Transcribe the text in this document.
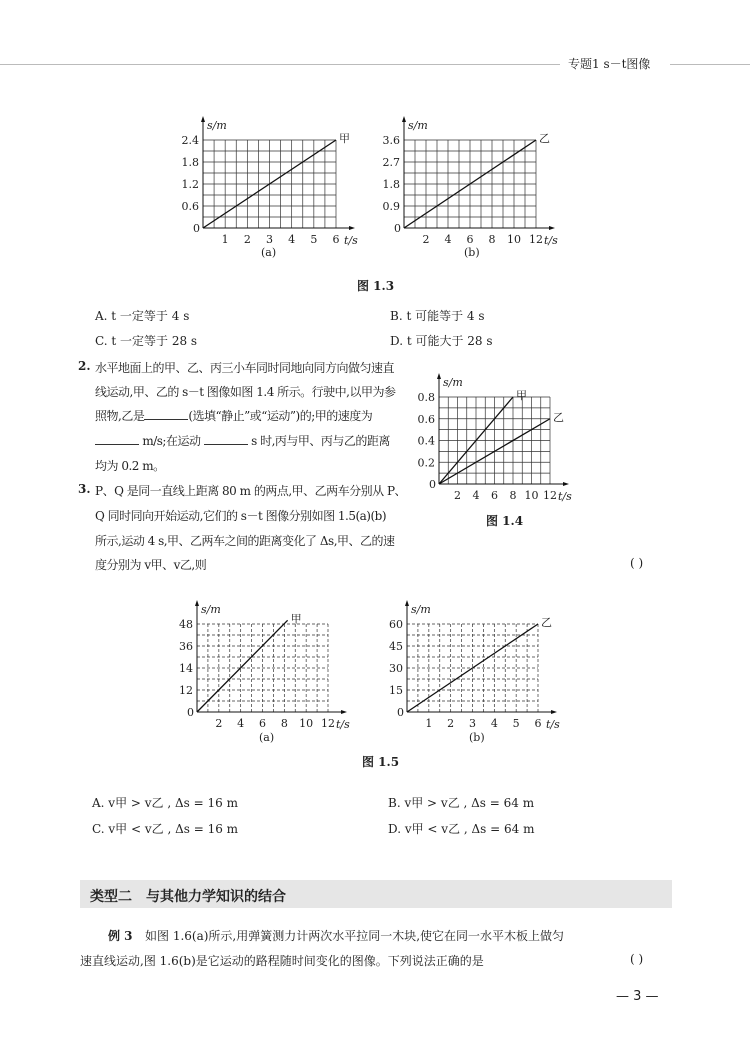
专题1 s－t图像
s/m
t/s
0
1 2 3 4 5 6
0.6
1.2
1.8
2.4	甲
s/m
t/s
0
2 4 6 8 10 12
0.9
1.8
2.7
3.6	乙
(a)	(b)
图 1.3
A. t 一定等于 4 s	B. t 可能等于 4 s
C. t 一定等于 28 s	D. t 可能大于 28 s
2. 水平地面上的甲、乙、丙三小车同时同地向同方向做匀速直
线运动,甲、乙的 s－t 图像如图 1.4 所示。行驶中,以甲为参
照物,乙是	(选填“静止”或“运动”)的;甲的速度为
m/s;在运动	s 时,丙与甲、丙与乙的距离
均为 0.2 m。
s/m
t/s
0
2 4 6 8 10 12
0.2
0.4
0.6
0.8	甲
乙
图 1.4
3. P、Q 是同一直线上距离 80 m 的两点,甲、乙两车分别从 P、
Q 同时同向开始运动,它们的 s－t 图像分别如图 1.5(a)(b)
所示,运动 4 s,甲、乙两车之间的距离变化了 Δs,甲、乙的速
度分别为 v甲、v乙,则	( )
s/m
t/s
0
2 4 6 8 10 12
12
14
36
48	甲
s/m
t/s
0
1 2 3 4 5 6
15
30
45
60	乙
(a)	(b)
图 1.5
A. v甲 > v乙 , Δs = 16 m	B. v甲 > v乙 , Δs = 64 m
C. v甲 < v乙 , Δs = 16 m	D. v甲 < v乙 , Δs = 64 m
类型二　与其他力学知识的结合
例 3 如图 1.6(a)所示,用弹簧测力计两次水平拉同一木块,使它在同一水平木板上做匀
速直线运动,图 1.6(b)是它运动的路程随时间变化的图像。下列说法正确的是	( )
— 3 —
